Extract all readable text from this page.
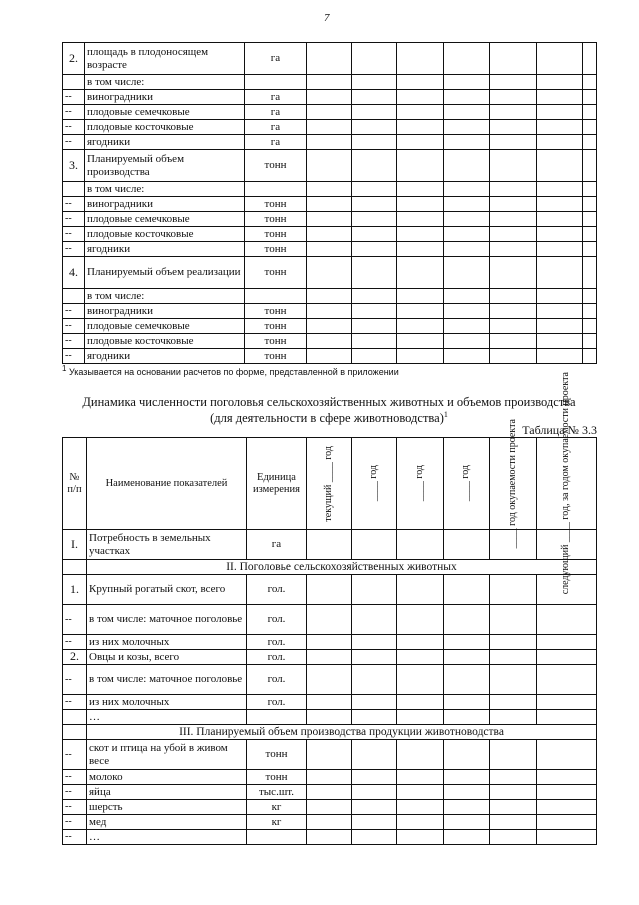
7
2.	площадь в плодоносящем возрасте	га							
	в том числе:								
--	виноградники	га							
--	плодовые семечковые	га							
--	плодовые косточковые	га							
--	ягодники	га							
3.	Планируемый объем производства	тонн							
	в том числе:								
--	виноградники	тонн							
--	плодовые семечковые	тонн							
--	плодовые косточковые	тонн							
--	ягодники	тонн							
4.	Планируемый объем реализации	тонн							
	в том числе:								
--	виноградники	тонн							
--	плодовые семечковые	тонн							
--	плодовые косточковые	тонн							
--	ягодники	тонн							
$^1$ Указывается на основании расчетов по форме, представленной в приложении
Динамика численности поголовья сельскохозяйственных животных и объемов производства
(для деятельности в сфере животноводства)$^1$
Таблица № 3.3
№ п/п	Наименование показателей	Единица измерения	текущий ____ год	____ год	____ год	____ год	____ год окупаемости проекта	следующий ____ год, за годом окупаемости проекта

I.	Потребность в земельных участках	га						
	II. Поголовье сельскохозяйственных животных							
1.	Крупный рогатый скот, всего	гол.						
--	в том числе: маточное поголовье	гол.						
--	из них молочных	гол.						
2.	Овцы и козы, всего	гол.						
--	в том числе: маточное поголовье	гол.						
--	из них молочных	гол.						
	…							
	III. Планируемый объем производства продукции животноводства							
--	скот и птица на убой в живом весе	тонн						
--	молоко	тонн						
--	яйца	тыс.шт.						
--	шерсть	кг						
--	мед	кг						
--	…							
